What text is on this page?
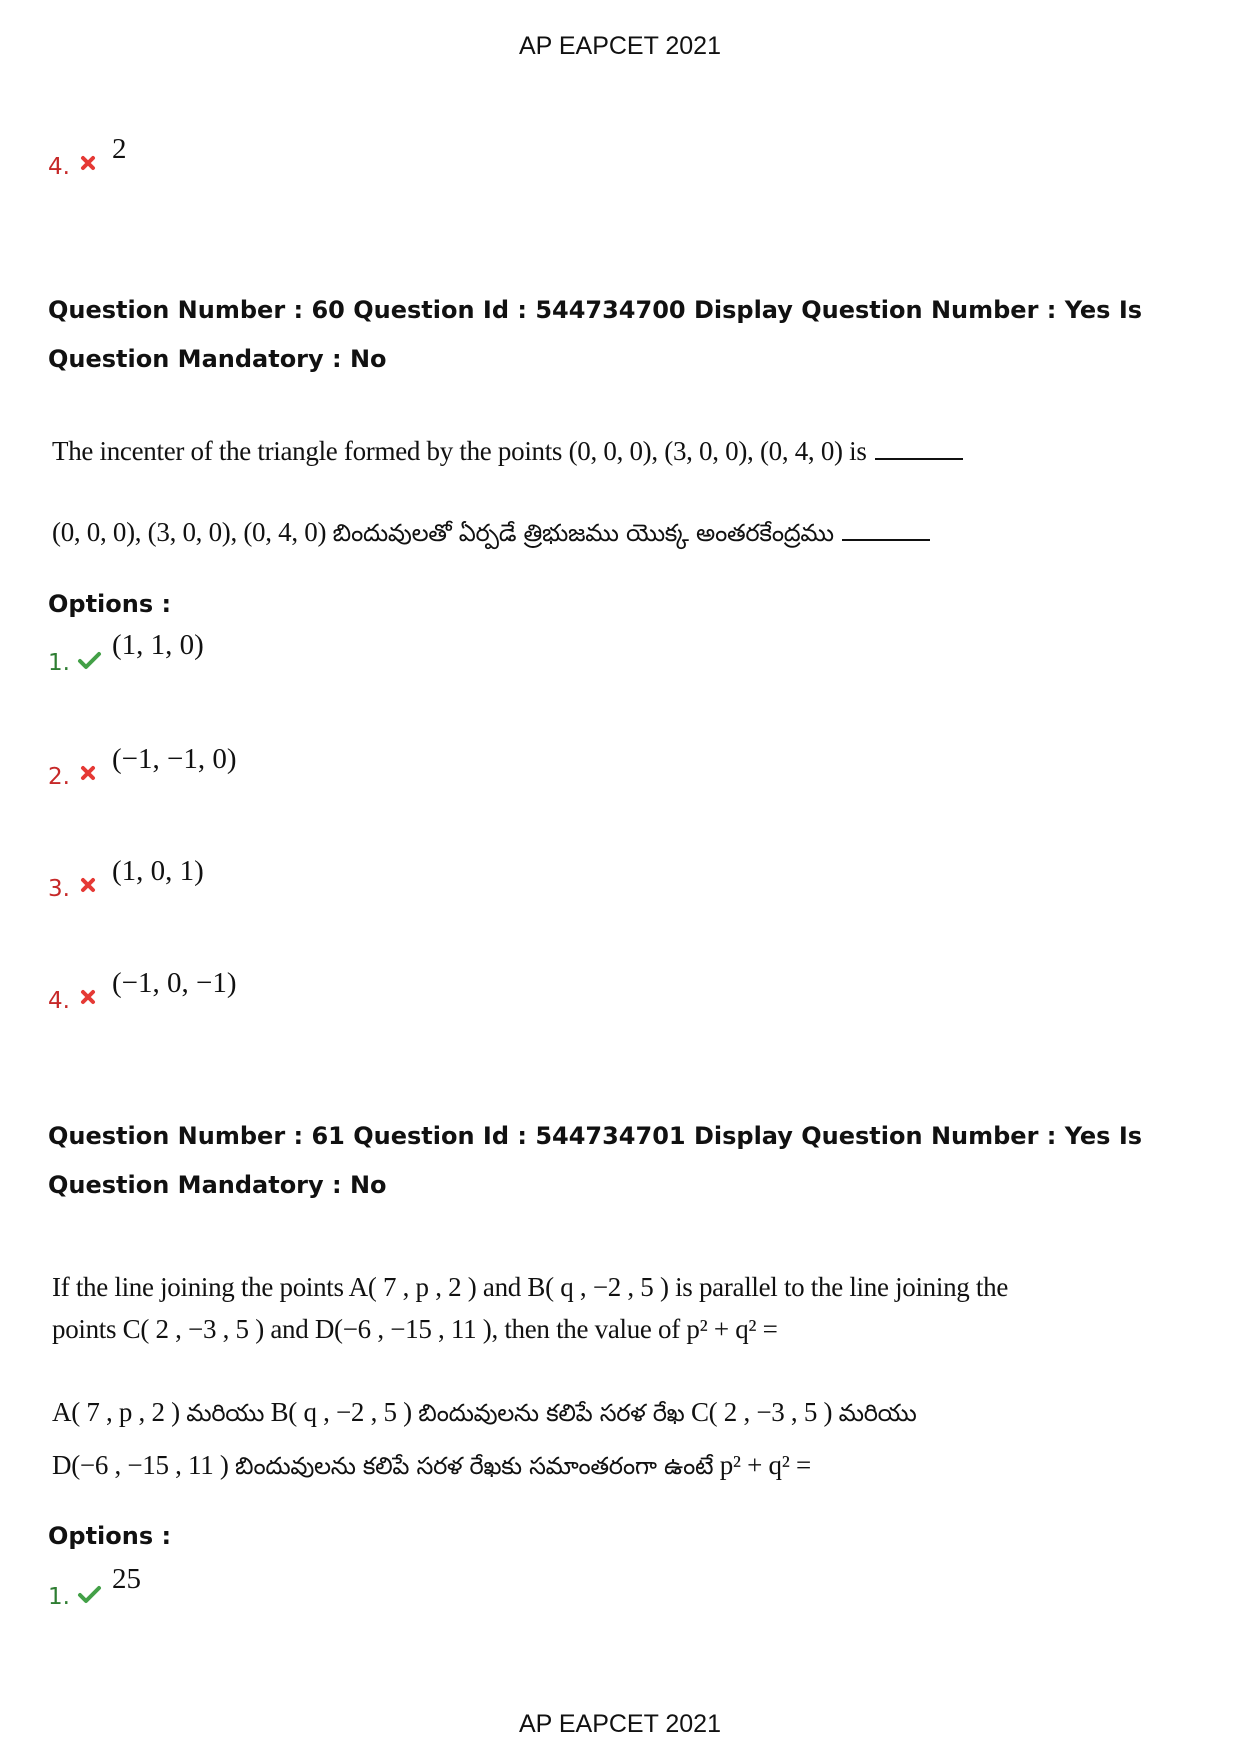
AP EAPCET 2021
4.
2
Question Number : 60 Question Id : 544734700 Display Question Number : Yes Is Question Mandatory : No
The incenter of the triangle formed by the points (0, 0, 0), (3, 0, 0), (0, 4, 0) is
(0, 0, 0), (3, 0, 0), (0, 4, 0) బిందువులతో ఏర్పడే త్రిభుజము యొక్క అంతరకేంద్రము
Options :
1.
(1, 1, 0)
2.
(−1, −1, 0)
3.
(1, 0, 1)
4.
(−1, 0, −1)
Question Number : 61 Question Id : 544734701 Display Question Number : Yes Is Question Mandatory : No
If the line joining the points A( 7 , p , 2 ) and B( q , −2 , 5 ) is parallel to the line joining the
points C( 2 , −3 , 5 ) and D(−6 , −15 , 11 ), then the value of p² + q² =
A( 7 , p , 2 ) మరియు B( q , −2 , 5 ) బిందువులను కలిపే సరళ రేఖ C( 2 , −3 , 5 ) మరియు
D(−6 , −15 , 11 ) బిందువులను కలిపే సరళ రేఖకు సమాంతరంగా ఉంటే p² + q² =
Options :
1.
25
AP EAPCET 2021
